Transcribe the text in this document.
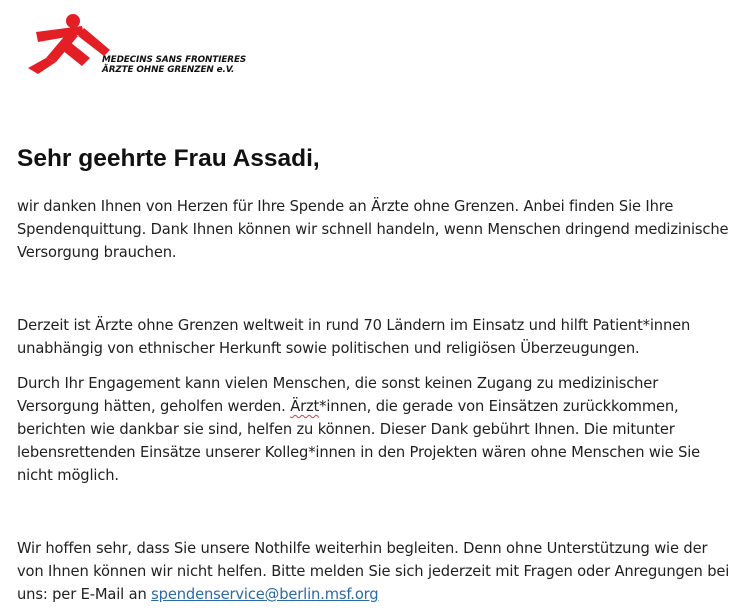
MEDECINS SANS FRONTIERES
ÄRZTE OHNE GRENZEN e.V.
Sehr geehrte Frau Assadi,

wir danken Ihnen von Herzen für Ihre Spende an Ärzte ohne Grenzen. Anbei finden Sie Ihre Spendenquittung. Dank Ihnen können wir schnell handeln, wenn Menschen dringend medizinische Versorgung brauchen.

Derzeit ist Ärzte ohne Grenzen weltweit in rund 70 Ländern im Einsatz und hilft Patient*innen unabhängig von ethnischer Herkunft sowie politischen und religiösen Überzeugungen.

Durch Ihr Engagement kann vielen Menschen, die sonst keinen Zugang zu medizinischer Versorgung hätten, geholfen werden. Ärzt*innen, die gerade von Einsätzen zurückkommen, berichten wie dankbar sie sind, helfen zu können. Dieser Dank gebührt Ihnen. Die mitunter lebensrettenden Einsätze unserer Kolleg*innen in den Projekten wären ohne Menschen wie Sie nicht möglich.

Wir hoffen sehr, dass Sie unsere Nothilfe weiterhin begleiten. Denn ohne Unterstützung wie der von Ihnen können wir nicht helfen. Bitte melden Sie sich jederzeit mit Fragen oder Anregungen bei uns: per E-Mail an spendenservice@berlin.msf.org
